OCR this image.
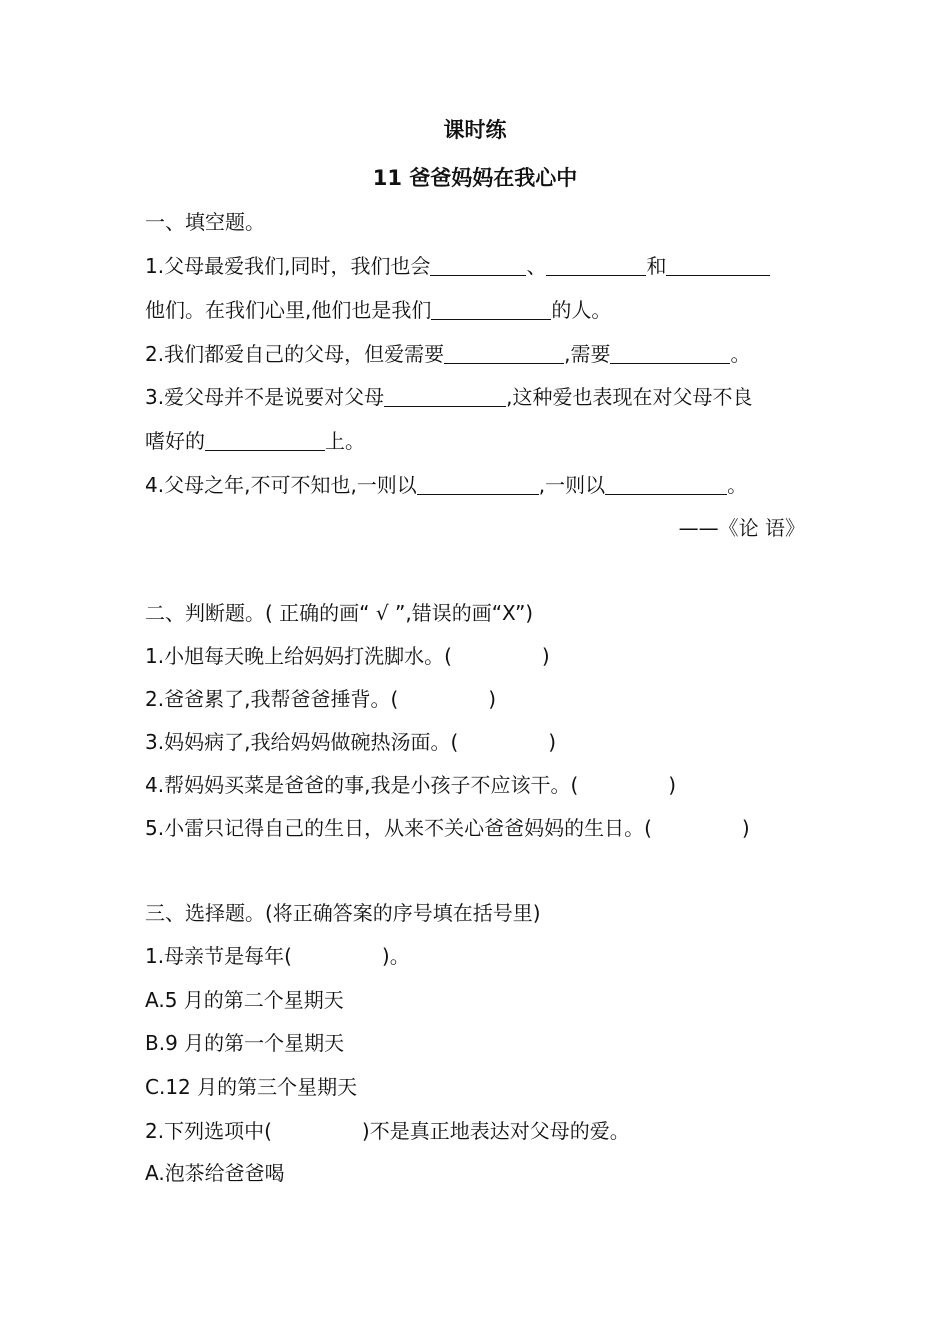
课时练
11 爸爸妈妈在我心中
一、填空题。
1.父母最爱我们,同时，我们也会	、	和
他们。在我们心里,他们也是我们	的人。
2.我们都爱自己的父母，但爱需要	,需要	。
3.爱父母并不是说要对父母	,这种爱也表现在对父母不良
嗜好的	上。
4.父母之年,不可不知也,一则以	,一则以	。
——《论 语》
二、判断题。( 正确的画“ √ ”,错误的画“X”)
1.小旭每天晚上给妈妈打洗脚水。(	)
2.爸爸累了,我帮爸爸捶背。(	)
3.妈妈病了,我给妈妈做碗热汤面。(	)
4.帮妈妈买菜是爸爸的事,我是小孩子不应该干。(	)
5.小雷只记得自己的生日，从来不关心爸爸妈妈的生日。(	)
三、选择题。(将正确答案的序号填在括号里)
1.母亲节是每年(	)。
A.5 月的第二个星期天
B.9 月的第一个星期天
C.12 月的第三个星期天
2.下列选项中(	)不是真正地表达对父母的爱。
A.泡茶给爸爸喝
